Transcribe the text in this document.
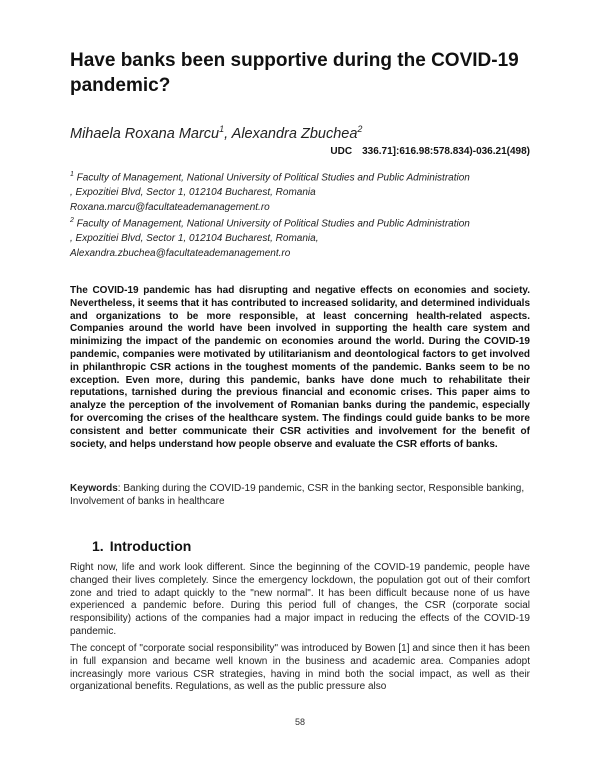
Have banks been supportive during the COVID-19 pandemic?
Mihaela Roxana Marcu$^1$, Alexandra Zbuchea$^2$
UDC 336.71]:616.98:578.834)-036.21(498)
$^1$ Faculty of Management, National University of Political Studies and Public Administration
, Expozitiei Blvd, Sector 1, 012104 Bucharest, Romania
Roxana.marcu@facultateademanagement.ro
$^2$ Faculty of Management, National University of Political Studies and Public Administration
, Expozitiei Blvd, Sector 1, 012104 Bucharest, Romania,
Alexandra.zbuchea@facultateademanagement.ro
The COVID-19 pandemic has had disrupting and negative effects on economies and society. Nevertheless, it seems that it has contributed to increased solidarity, and determined individuals and organizations to be more responsible, at least concerning health-related aspects. Companies around the world have been involved in supporting the health care system and minimizing the impact of the pandemic on economies around the world. During the COVID-19 pandemic, companies were motivated by utilitarianism and deontological factors to get involved in philanthropic CSR actions in the toughest moments of the pandemic. Banks seem to be no exception. Even more, during this pandemic, banks have done much to rehabilitate their reputations, tarnished during the previous financial and economic crises. This paper aims to analyze the perception of the involvement of Romanian banks during the pandemic, especially for overcoming the crises of the healthcare system. The findings could guide banks to be more consistent and better communicate their CSR activities and involvement for the benefit of society, and helps understand how people observe and evaluate the CSR efforts of banks.
Keywords: Banking during the COVID-19 pandemic, CSR in the banking sector, Responsible banking, Involvement of banks in healthcare
1. Introduction

Right now, life and work look different. Since the beginning of the COVID-19 pandemic, people have changed their lives completely. Since the emergency lockdown, the population got out of their comfort zone and tried to adapt quickly to the "new normal". It has been difficult because none of us have experienced a pandemic before. During this period full of changes, the CSR (corporate social responsibility) actions of the companies had a major impact in reducing the effects of the COVID-19 pandemic.

The concept of "corporate social responsibility" was introduced by Bowen [1] and since then it has been in full expansion and became well known in the business and academic area. Companies adopt increasingly more various CSR strategies, having in mind both the social impact, as well as their organizational benefits. Regulations, as well as the public pressure also

58
